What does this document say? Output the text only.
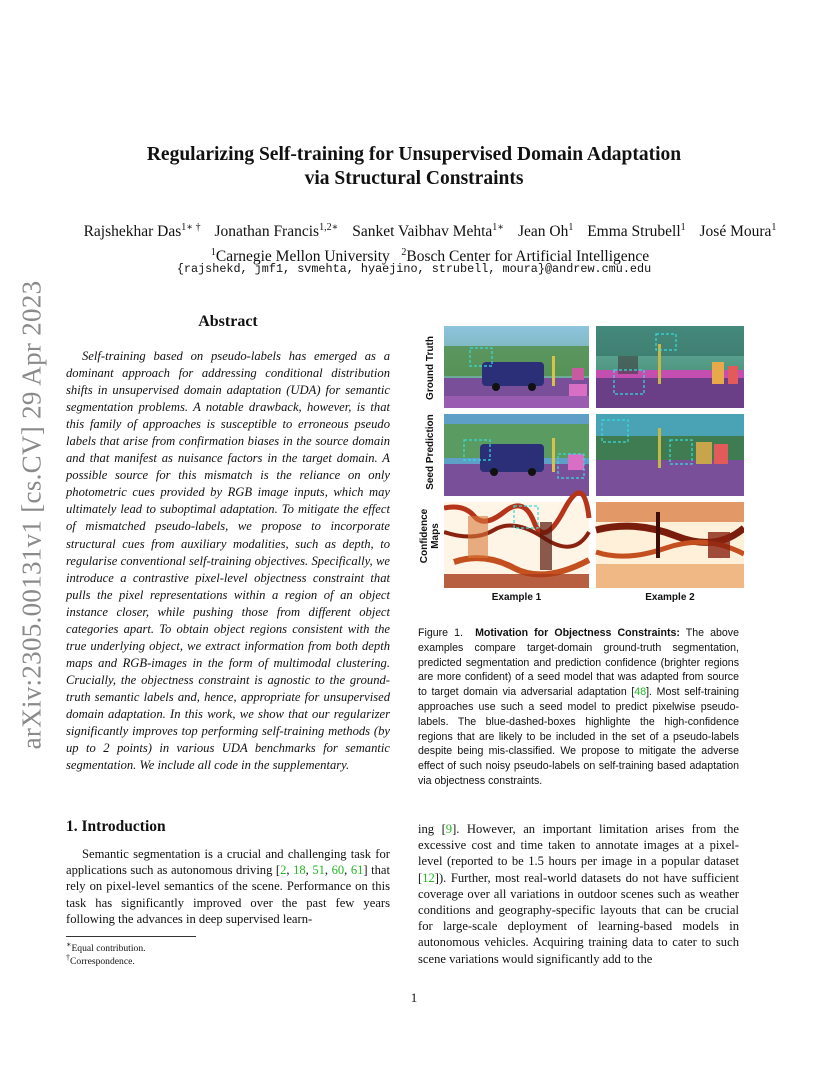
arXiv:2305.00131v1 [cs.CV] 29 Apr 2023
Regularizing Self-training for Unsupervised Domain Adaptation
via Structural Constraints
Rajshekhar Das$^{1∗ \dagger}$ Jonathan Francis$^{1,2∗}$ Sanket Vaibhav Mehta$^{1∗}$ Jean Oh$^1$ Emma Strubell$^1$ José Moura$^1$
$^1$Carnegie Mellon University $^2$Bosch Center for Artificial Intelligence
{rajshekd, jmf1, svmehta, hyaejino, strubell, moura}@andrew.cmu.edu
Abstract
Self-training based on pseudo-labels has emerged as a dominant approach for addressing conditional distribution shifts in unsupervised domain adaptation (UDA) for semantic segmentation problems. A notable drawback, however, is that this family of approaches is susceptible to erroneous pseudo labels that arise from confirmation biases in the source domain and that manifest as nuisance factors in the target domain. A possible source for this mismatch is the reliance on only photometric cues provided by RGB image inputs, which may ultimately lead to suboptimal adaptation. To mitigate the effect of mismatched pseudo-labels, we propose to incorporate structural cues from auxiliary modalities, such as depth, to regularise conventional self-training objectives. Specifically, we introduce a contrastive pixel-level objectness constraint that pulls the pixel representations within a region of an object instance closer, while pushing those from different object categories apart. To obtain object regions consistent with the true underlying object, we extract information from both depth maps and RGB-images in the form of multimodal clustering. Crucially, the objectness constraint is agnostic to the ground-truth semantic labels and, hence, appropriate for unsupervised domain adaptation. In this work, we show that our regularizer significantly improves top performing self-training methods (by up to 2 points) in various UDA benchmarks for semantic segmentation. We include all code in the supplementary.
Ground Truth
Seed Prediction
Confidence Maps
Example 1	Example 2
Figure 1. Motivation for Objectness Constraints: The above examples compare target-domain ground-truth segmentation, predicted segmentation and prediction confidence (brighter regions are more confident) of a seed model that was adapted from source to target domain via adversarial adaptation [48]. Most self-training approaches use such a seed model to predict pixelwise pseudo-labels. The blue-dashed-boxes highlighte the high-confidence regions that are likely to be included in the set of a pseudo-labels despite being mis-classified. We propose to mitigate the adverse effect of such noisy pseudo-labels on self-training based adaptation via objectness constraints.
1. Introduction
Semantic segmentation is a crucial and challenging task for applications such as autonomous driving [2, 18, 51, 60, 61] that rely on pixel-level semantics of the scene. Performance on this task has significantly improved over the past few years following the advances in deep supervised learn-
∗Equal contribution.
†Correspondence.
ing [9]. However, an important limitation arises from the excessive cost and time taken to annotate images at a pixel-level (reported to be 1.5 hours per image in a popular dataset [12]). Further, most real-world datasets do not have sufficient coverage over all variations in outdoor scenes such as weather conditions and geography-specific layouts that can be crucial for large-scale deployment of learning-based models in autonomous vehicles. Acquiring training data to cater to such scene variations would significantly add to the
1
